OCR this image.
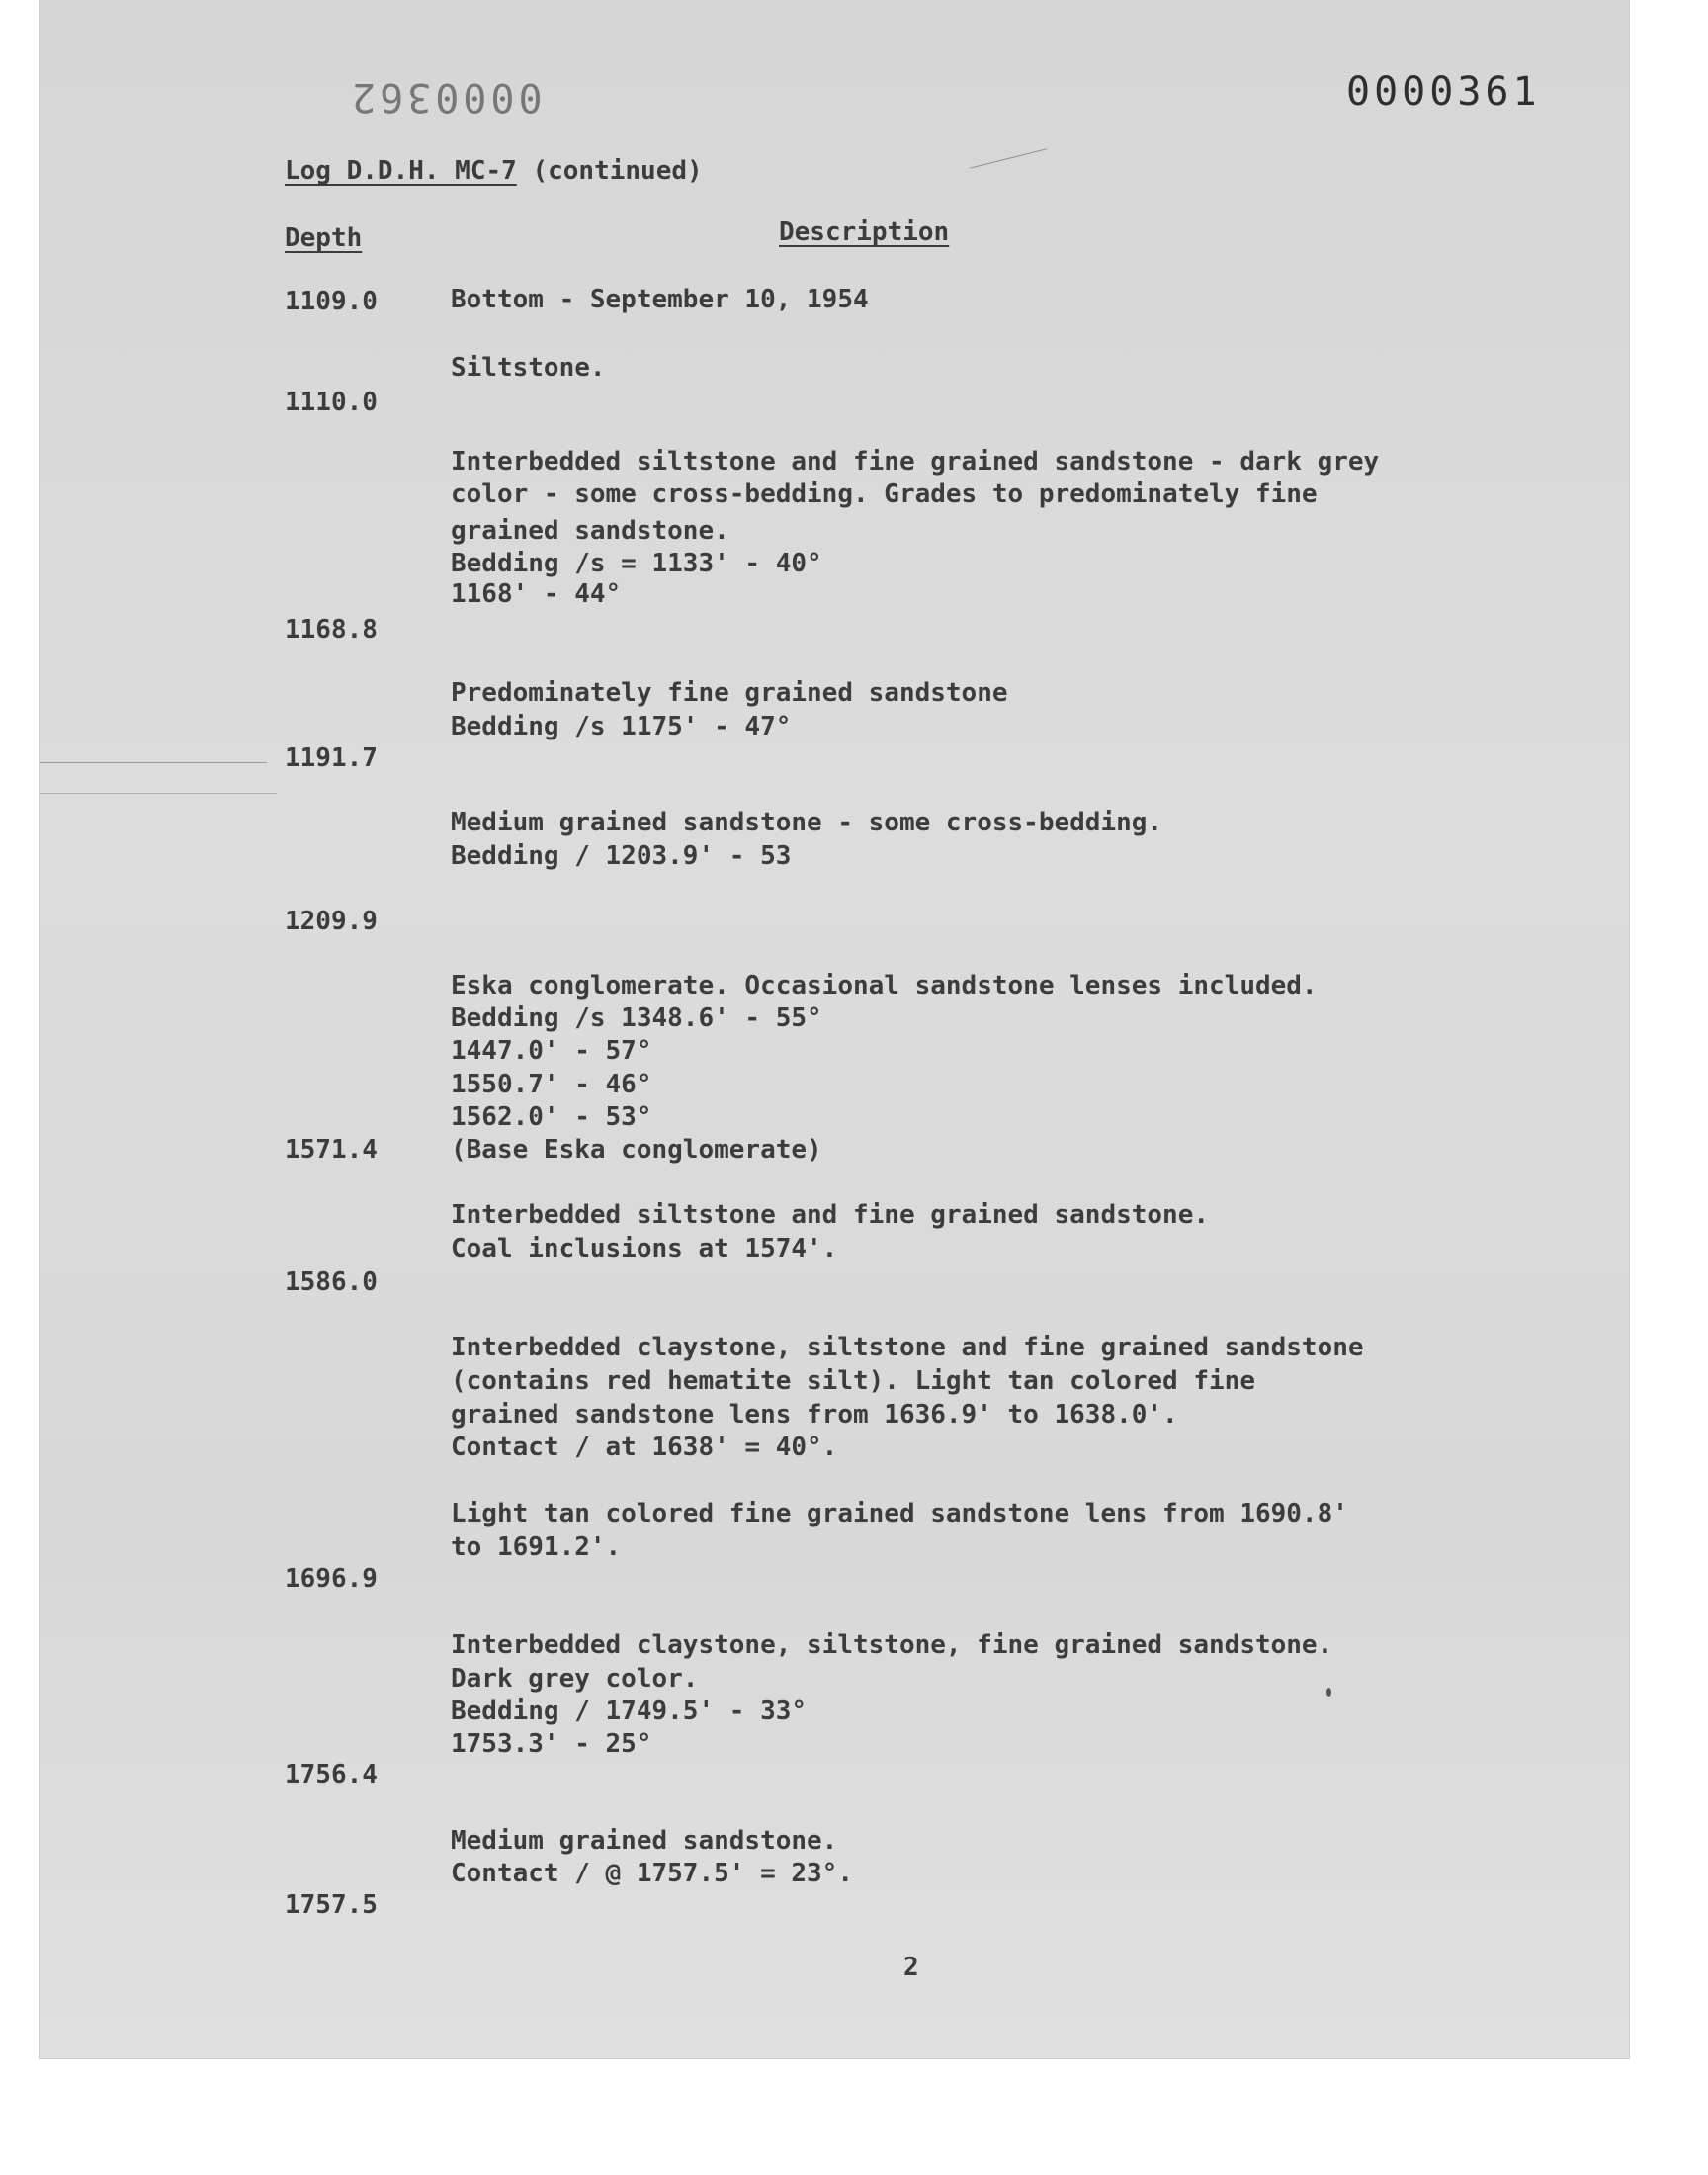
0000362	0000361

Log D.D.H. MC-7 (continued)

Depth	Description

1109.0

1110.0

1168.8

1191.7

1209.9

1571.4

1586.0

1696.9

1756.4

1757.5

Bottom - September 10, 1954

Siltstone.

Interbedded siltstone and fine grained sandstone - dark grey

color - some cross-bedding. Grades to predominately fine

grained sandstone.

Bedding /s = 1133' - 40°

1168' - 44°

Predominately fine grained sandstone

Bedding /s 1175' - 47°

Medium grained sandstone - some cross-bedding.

Bedding / 1203.9' - 53

Eska conglomerate. Occasional sandstone lenses included.

Bedding /s 1348.6' - 55°

1447.0' - 57°

1550.7' - 46°

1562.0' - 53°

(Base Eska conglomerate)

Interbedded siltstone and fine grained sandstone.

Coal inclusions at 1574'.

Interbedded claystone, siltstone and fine grained sandstone

(contains red hematite silt). Light tan colored fine

grained sandstone lens from 1636.9' to 1638.0'.

Contact / at 1638' = 40°.

Light tan colored fine grained sandstone lens from 1690.8'

to 1691.2'.

Interbedded claystone, siltstone, fine grained sandstone.

Dark grey color.

Bedding / 1749.5' - 33°

1753.3' - 25°

Medium grained sandstone.

Contact / @ 1757.5' = 23°.

2
